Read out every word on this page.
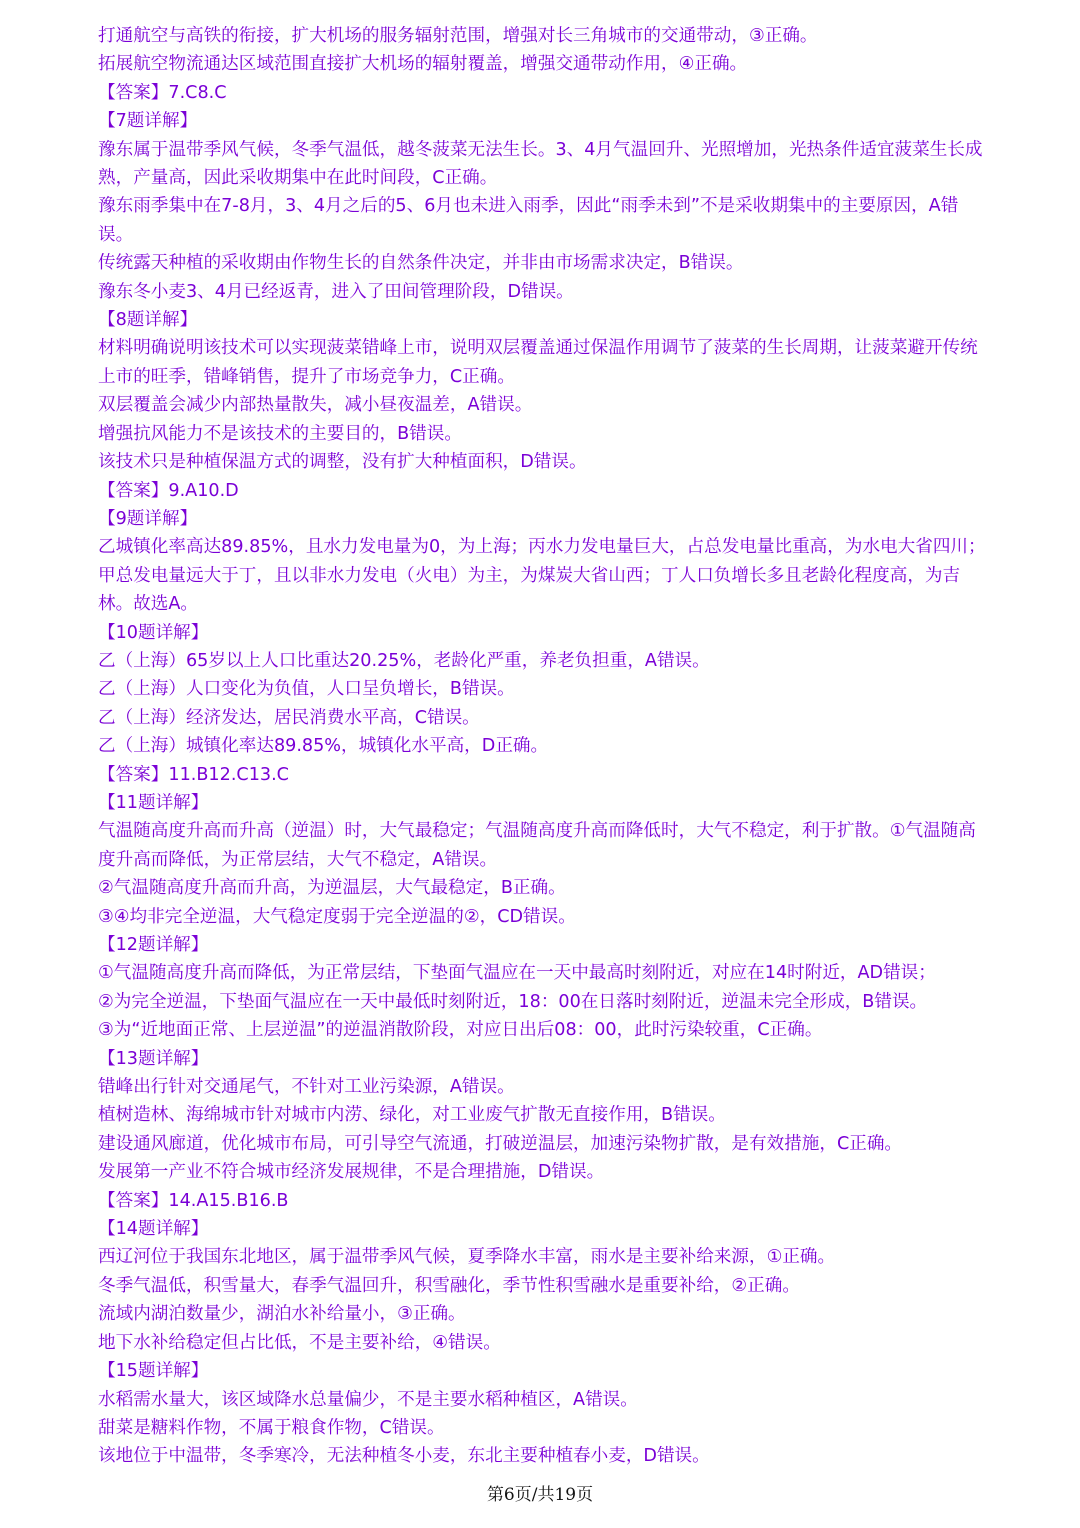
打通航空与高铁的衔接，扩大机场的服务辐射范围，增强对长三角城市的交通带动，③正确。

拓展航空物流通达区域范围直接扩大机场的辐射覆盖，增强交通带动作用，④正确。

【答案】7.C8.C

【7题详解】

豫东属于温带季风气候，冬季气温低，越冬菠菜无法生长。3、4月气温回升、光照增加，光热条件适宜菠菜生长成熟，产量高，因此采收期集中在此时间段，C正确。

豫东雨季集中在7-8月，3、4月之后的5、6月也未进入雨季，因此“雨季未到”不是采收期集中的主要原因，A错误。

传统露天种植的采收期由作物生长的自然条件决定，并非由市场需求决定，B错误。

豫东冬小麦3、4月已经返青，进入了田间管理阶段，D错误。

【8题详解】

材料明确说明该技术可以实现菠菜错峰上市，说明双层覆盖通过保温作用调节了菠菜的生长周期，让菠菜避开传统上市的旺季，错峰销售，提升了市场竞争力，C正确。

双层覆盖会减少内部热量散失，减小昼夜温差，A错误。

增强抗风能力不是该技术的主要目的，B错误。

该技术只是种植保温方式的调整，没有扩大种植面积，D错误。

【答案】9.A10.D

【9题详解】

乙城镇化率高达89.85%，且水力发电量为0，为上海；丙水力发电量巨大，占总发电量比重高，为水电大省四川；甲总发电量远大于丁，且以非水力发电（火电）为主，为煤炭大省山西；丁人口负增长多且老龄化程度高，为吉林。故选A。

【10题详解】

乙（上海）65岁以上人口比重达20.25%，老龄化严重，养老负担重，A错误。

乙（上海）人口变化为负值，人口呈负增长，B错误。

乙（上海）经济发达，居民消费水平高，C错误。

乙（上海）城镇化率达89.85%，城镇化水平高，D正确。

【答案】11.B12.C13.C

【11题详解】

气温随高度升高而升高（逆温）时，大气最稳定；气温随高度升高而降低时，大气不稳定，利于扩散。①气温随高度升高而降低，为正常层结，大气不稳定，A错误。

②气温随高度升高而升高，为逆温层，大气最稳定，B正确。

③④均非完全逆温，大气稳定度弱于完全逆温的②，CD错误。

【12题详解】

①气温随高度升高而降低，为正常层结，下垫面气温应在一天中最高时刻附近，对应在14时附近，AD错误；

②为完全逆温，下垫面气温应在一天中最低时刻附近，18：00在日落时刻附近，逆温未完全形成，B错误。

③为“近地面正常、上层逆温”的逆温消散阶段，对应日出后08：00，此时污染较重，C正确。

【13题详解】

错峰出行针对交通尾气，不针对工业污染源，A错误。

植树造林、海绵城市针对城市内涝、绿化，对工业废气扩散无直接作用，B错误。

建设通风廊道，优化城市布局，可引导空气流通，打破逆温层，加速污染物扩散，是有效措施，C正确。

发展第一产业不符合城市经济发展规律，不是合理措施，D错误。

【答案】14.A15.B16.B

【14题详解】

西辽河位于我国东北地区，属于温带季风气候，夏季降水丰富，雨水是主要补给来源，①正确。

冬季气温低，积雪量大，春季气温回升，积雪融化，季节性积雪融水是重要补给，②正确。

流域内湖泊数量少，湖泊水补给量小，③正确。

地下水补给稳定但占比低，不是主要补给，④错误。

【15题详解】

水稻需水量大，该区域降水总量偏少，不是主要水稻种植区，A错误。

甜菜是糖料作物，不属于粮食作物，C错误。

该地位于中温带，冬季寒冷，无法种植冬小麦，东北主要种植春小麦，D错误。

第6页/共19页
